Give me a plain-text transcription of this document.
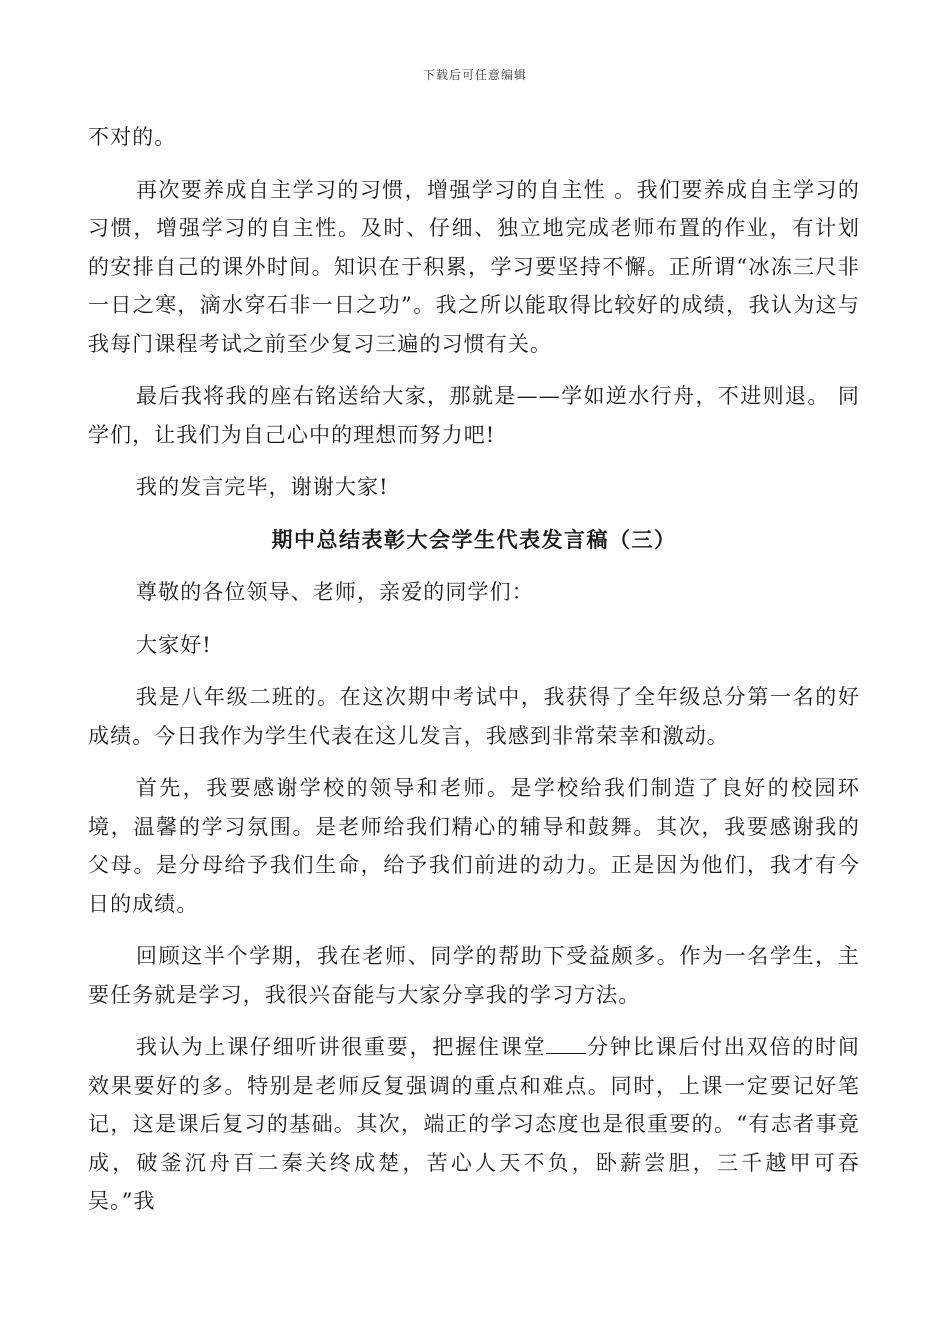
下载后可任意编辑

不对的。

再次要养成自主学习的习惯，增强学习的自主性 。我们要养成自主学习的习惯，增强学习的自主性。及时、仔细、独立地完成老师布置的作业，有计划的安排自己的课外时间。知识在于积累，学习要坚持不懈。正所谓“冰冻三尺非一日之寒，滴水穿石非一日之功”。我之所以能取得比较好的成绩，我认为这与我每门课程考试之前至少复习三遍的习惯有关。

最后我将我的座右铭送给大家，那就是——学如逆水行舟，不进则退。 同学们，让我们为自己心中的理想而努力吧!

我的发言完毕，谢谢大家!

期中总结表彰大会学生代表发言稿（三）

尊敬的各位领导、老师，亲爱的同学们：

大家好!

我是八年级二班的。在这次期中考试中，我获得了全年级总分第一名的好成绩。今日我作为学生代表在这儿发言，我感到非常荣幸和激动。

首先，我要感谢学校的领导和老师。是学校给我们制造了良好的校园环境，温馨的学习氛围。是老师给我们精心的辅导和鼓舞。其次，我要感谢我的父母。是分母给予我们生命，给予我们前进的动力。正是因为他们，我才有今日的成绩。

回顾这半个学期，我在老师、同学的帮助下受益颇多。作为一名学生，主要任务就是学习，我很兴奋能与大家分享我的学习方法。

我认为上课仔细听讲很重要，把握住课堂 分钟比课后付出双倍的时间效果要好的多。特别是老师反复强调的重点和难点。同时，上课一定要记好笔记，这是课后复习的基础。其次，端正的学习态度也是很重要的。“有志者事竟成，破釜沉舟百二秦关终成楚，苦心人天不负，卧薪尝胆，三千越甲可吞吴。”我
